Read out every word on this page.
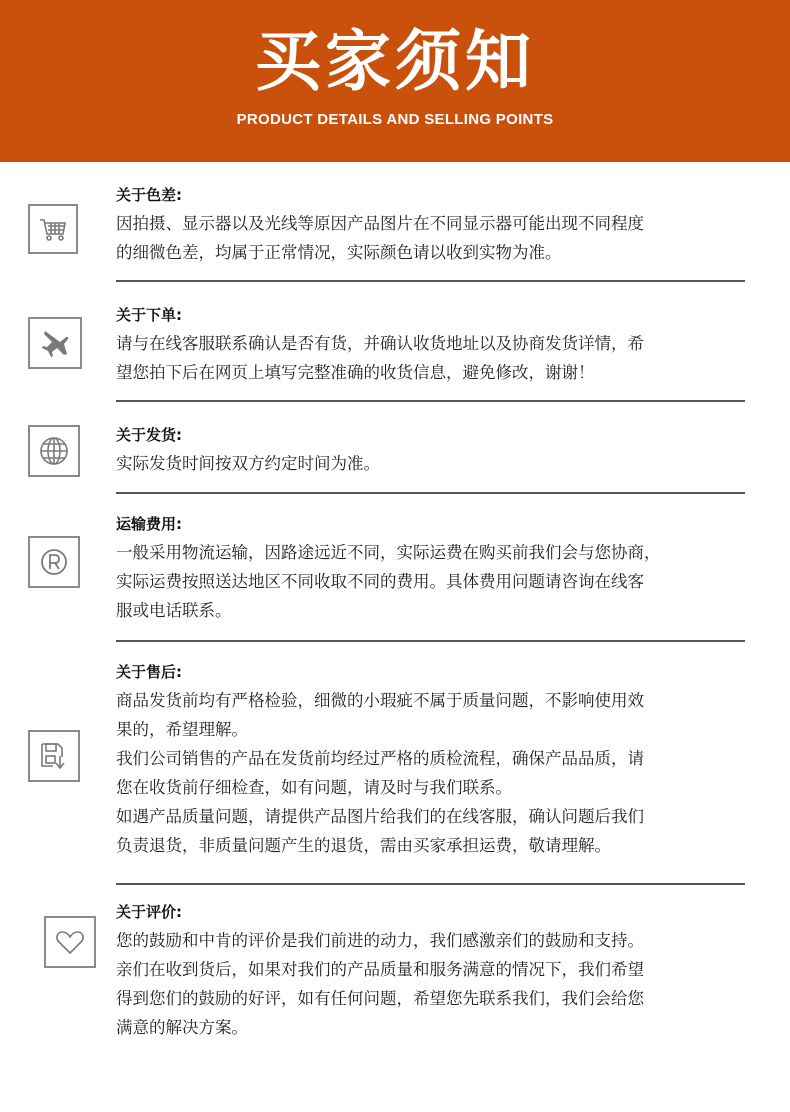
买家须知
PRODUCT DETAILS AND SELLING POINTS
关于色差:
因拍摄、显示器以及光线等原因产品图片在不同显示器可能出现不同程度
的细微色差，均属于正常情况，实际颜色请以收到实物为准。
关于下单:
请与在线客服联系确认是否有货，并确认收货地址以及协商发货详情，希
望您拍下后在网页上填写完整准确的收货信息，避免修改，谢谢！
关于发货:
实际发货时间按双方约定时间为准。
运输费用:
一般采用物流运输，因路途远近不同，实际运费在购买前我们会与您协商，
实际运费按照送达地区不同收取不同的费用。具体费用问题请咨询在线客
服或电话联系。
关于售后:
商品发货前均有严格检验，细微的小瑕疵不属于质量问题，不影响使用效
果的，希望理解。
我们公司销售的产品在发货前均经过严格的质检流程，确保产品品质，请
您在收货前仔细检查，如有问题，请及时与我们联系。
如遇产品质量问题，请提供产品图片给我们的在线客服，确认问题后我们
负责退货，非质量问题产生的退货，需由买家承担运费，敬请理解。
关于评价:
您的鼓励和中肯的评价是我们前进的动力，我们感激亲们的鼓励和支持。
亲们在收到货后，如果对我们的产品质量和服务满意的情况下，我们希望
得到您们的鼓励的好评，如有任何问题，希望您先联系我们，我们会给您
满意的解决方案。
